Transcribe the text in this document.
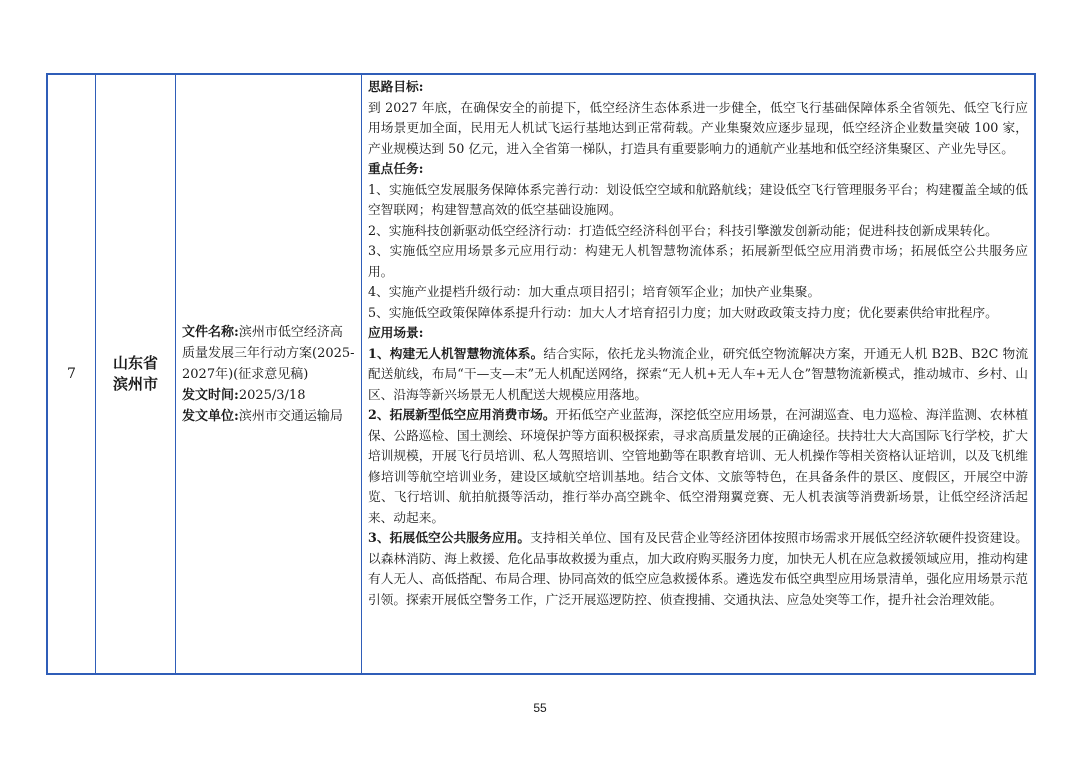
7
山东省
滨州市
文件名称:滨州市低空经济高质量发展三年行动方案(2025-2027年)(征求意见稿)
发文时间:2025/3/18
发文单位:滨州市交通运输局

思路目标:

到 2027 年底，在确保安全的前提下，低空经济生态体系进一步健全，低空飞行基础保障体系全省领先、低空飞行应用场景更加全面，民用无人机试飞运行基地达到正常荷载。产业集聚效应逐步显现，低空经济企业数量突破 100 家，产业规模达到 50 亿元，进入全省第一梯队，打造具有重要影响力的通航产业基地和低空经济集聚区、产业先导区。

重点任务:

1、实施低空发展服务保障体系完善行动：划设低空空域和航路航线；建设低空飞行管理服务平台；构建覆盖全域的低空智联网；构建智慧高效的低空基础设施网。

2、实施科技创新驱动低空经济行动：打造低空经济科创平台；科技引擎激发创新动能；促进科技创新成果转化。

3、实施低空应用场景多元应用行动：构建无人机智慧物流体系；拓展新型低空应用消费市场；拓展低空公共服务应用。

4、实施产业提档升级行动：加大重点项目招引；培育领军企业；加快产业集聚。

5、实施低空政策保障体系提升行动：加大人才培育招引力度；加大财政政策支持力度；优化要素供给审批程序。

应用场景:

1、构建无人机智慧物流体系。结合实际，依托龙头物流企业，研究低空物流解决方案，开通无人机 B2B、B2C 物流配送航线，布局“干—支—末”无人机配送网络，探索“无人机+无人车+无人仓”智慧物流新模式，推动城市、乡村、山区、沿海等新兴场景无人机配送大规模应用落地。

2、拓展新型低空应用消费市场。开拓低空产业蓝海，深挖低空应用场景，在河湖巡查、电力巡检、海洋监测、农林植保、公路巡检、国土测绘、环境保护等方面积极探索，寻求高质量发展的正确途径。扶持壮大大高国际飞行学校，扩大培训规模，开展飞行员培训、私人驾照培训、空管地勤等在职教育培训、无人机操作等相关资格认证培训，以及飞机维修培训等航空培训业务，建设区域航空培训基地。结合文体、文旅等特色，在具备条件的景区、度假区，开展空中游览、飞行培训、航拍航摄等活动，推行举办高空跳伞、低空滑翔翼竞赛、无人机表演等消费新场景，让低空经济活起来、动起来。

3、拓展低空公共服务应用。支持相关单位、国有及民营企业等经济团体按照市场需求开展低空经济软硬件投资建设。以森林消防、海上救援、危化品事故救援为重点，加大政府购买服务力度，加快无人机在应急救援领域应用，推动构建有人无人、高低搭配、布局合理、协同高效的低空应急救援体系。遴选发布低空典型应用场景清单，强化应用场景示范引领。探索开展低空警务工作，广泛开展巡逻防控、侦查搜捕、交通执法、应急处突等工作，提升社会治理效能。

55
